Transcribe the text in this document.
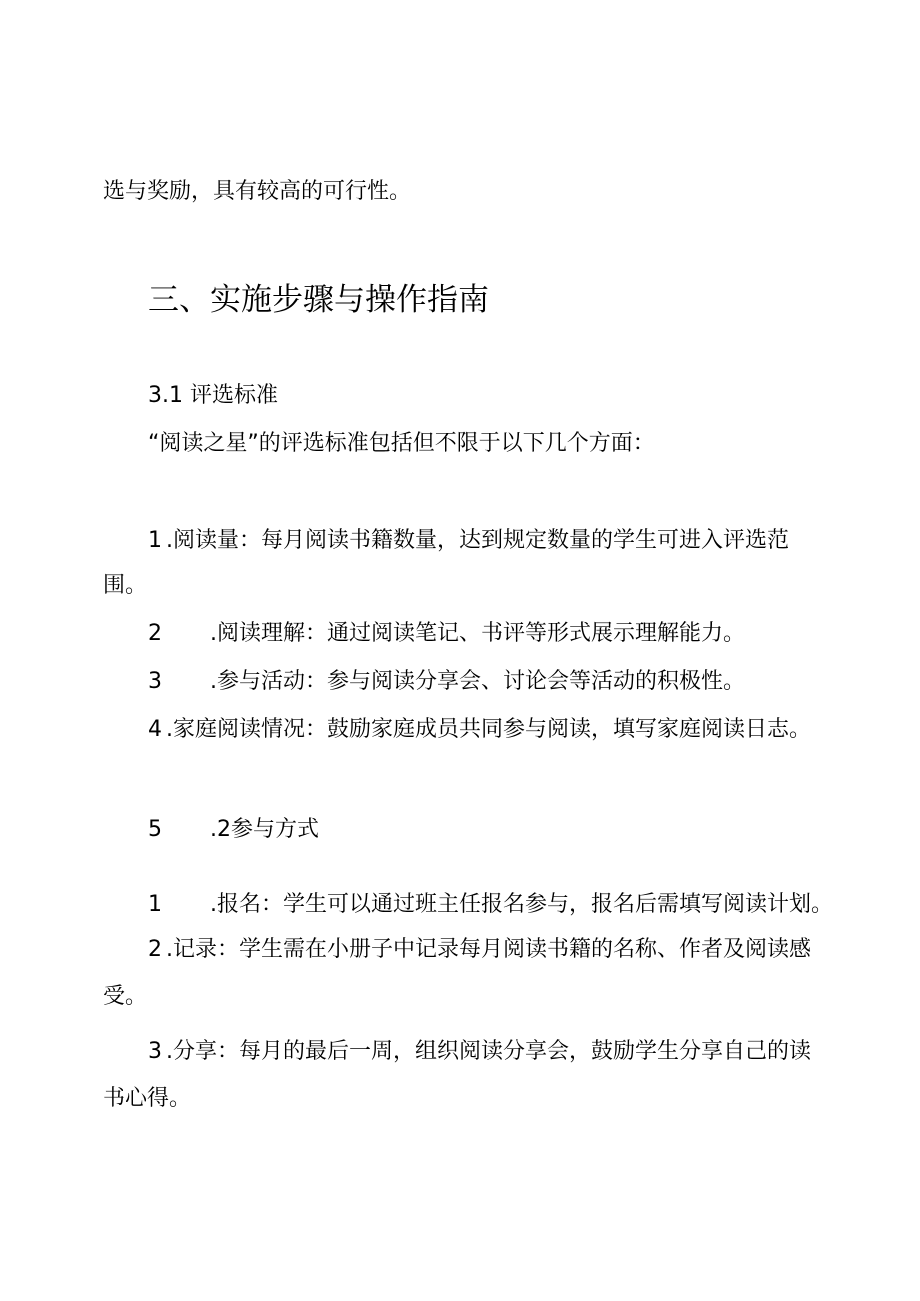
选与奖励，具有较高的可行性。

三、实施步骤与操作指南

3.1 评选标准

“阅读之星”的评选标准包括但不限于以下几个方面：

1 .阅读量：每月阅读书籍数量，达到规定数量的学生可进入评选范

围。

2 .阅读理解：通过阅读笔记、书评等形式展示理解能力。

3 .参与活动：参与阅读分享会、讨论会等活动的积极性。

4 .家庭阅读情况：鼓励家庭成员共同参与阅读，填写家庭阅读日志。

5 .2参与方式

1 .报名：学生可以通过班主任报名参与，报名后需填写阅读计划。

2 .记录：学生需在小册子中记录每月阅读书籍的名称、作者及阅读感

受。

3 .分享：每月的最后一周，组织阅读分享会，鼓励学生分享自己的读

书心得。
